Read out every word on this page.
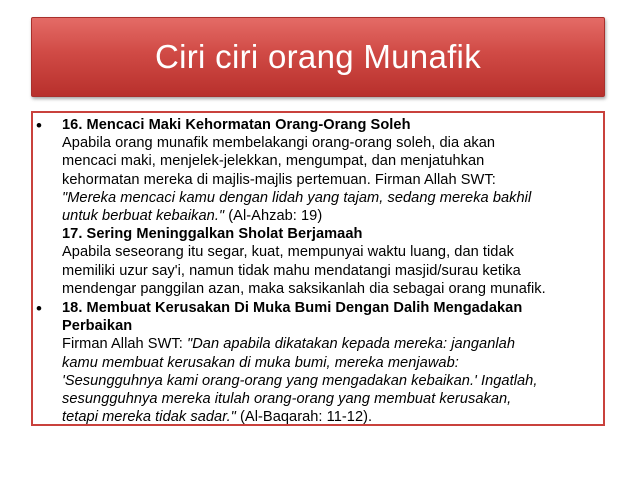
Ciri ciri orang Munafik
• 16. Mencaci Maki Kehormatan Orang-Orang Soleh
Apabila orang munafik membelakangi orang-orang soleh, dia akan
mencaci maki, menjelek-jelekkan, mengumpat, dan menjatuhkan
kehormatan mereka di majlis-majlis pertemuan. Firman Allah SWT:
"Mereka mencaci kamu dengan lidah yang tajam, sedang mereka bakhil
untuk berbuat kebaikan." (Al-Ahzab: 19)
17. Sering Meninggalkan Sholat Berjamaah
Apabila seseorang itu segar, kuat, mempunyai waktu luang, dan tidak
memiliki uzur say'i, namun tidak mahu mendatangi masjid/surau ketika
mendengar panggilan azan, maka saksikanlah dia sebagai orang munafik.
• 18. Membuat Kerusakan Di Muka Bumi Dengan Dalih Mengadakan
Perbaikan
Firman Allah SWT: "Dan apabila dikatakan kepada mereka: janganlah
kamu membuat kerusakan di muka bumi, mereka menjawab:
'Sesungguhnya kami orang-orang yang mengadakan kebaikan.' Ingatlah,
sesungguhnya mereka itulah orang-orang yang membuat kerusakan,
tetapi mereka tidak sadar." (Al-Baqarah: 11-12).
